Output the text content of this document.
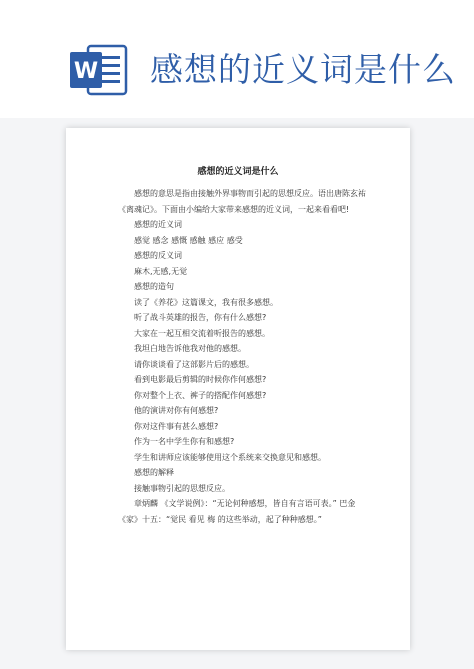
W 感想的近义词是什么
感想的近义词是什么

感想的意思是指由接触外界事物而引起的思想反应。语出唐陈玄祐《离魂记》。下面由小编给大家带来感想的近义词，一起来看看吧!

感想的近义词

感觉 感念 感慨 感触 感应 感受

感想的反义词

麻木,无感,无觉

感想的造句

读了《养花》这篇课文，我有很多感想。

听了战斗英雄的报告，你有什么感想?

大家在一起互相交流着听报告的感想。

我坦白地告诉他我对他的感想。

请你谈谈看了这部影片后的感想。

看到电影最后剪辑的时候你作何感想?

你对整个上衣、裤子的搭配作何感想?

他的演讲对你有何感想?

你对这件事有甚么感想?

作为一名中学生你有和感想?

学生和讲师应该能够使用这个系统来交换意见和感想。

感想的解释

接触事物引起的思想反应。

章炳麟 《文学说例》：“无论何种感想，皆自有言语可表。” 巴金 《家》十五：“觉民 看见 梅 的这些举动，起了种种感想。”
